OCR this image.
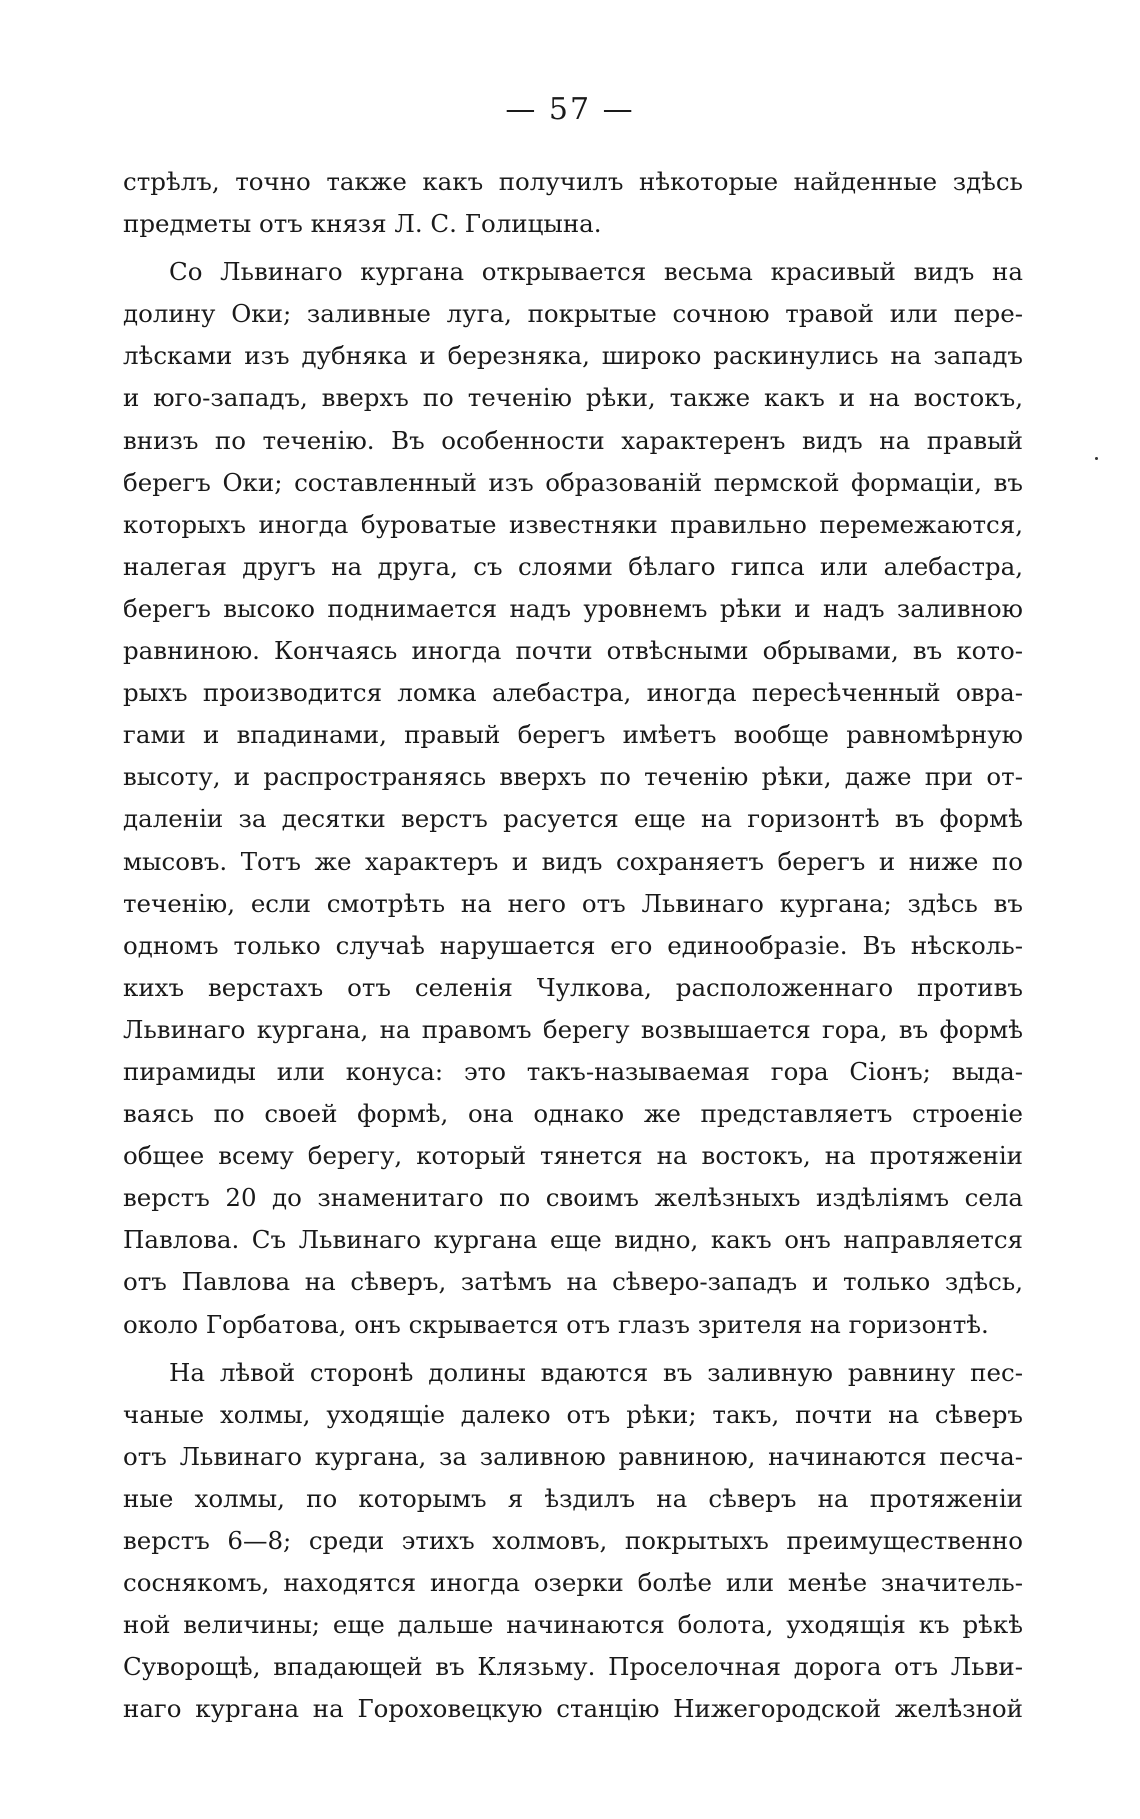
— 57 —
стрѣлъ, точно также какъ получилъ нѣкоторые найденные здѣсь
предметы отъ князя Л. С. Голицына.
Со Львинаго кургана открывается весьма красивый видъ на
долину Оки; заливные луга, покрытые сочною травой или пере-
лѣсками изъ дубняка и березняка, широко раскинулись на западъ
и юго-западъ, вверхъ по теченію рѣки, также какъ и на востокъ,
внизъ по теченію. Въ особенности характеренъ видъ на правый
берегъ Оки; составленный изъ образованій пермской формаціи, въ
которыхъ иногда буроватые известняки правильно перемежаются,
налегая другъ на друга, съ слоями бѣлаго гипса или алебастра,
берегъ высоко поднимается надъ уровнемъ рѣки и надъ заливною
равниною. Кончаясь иногда почти отвѣсными обрывами, въ кото-
рыхъ производится ломка алебастра, иногда пересѣченный овра-
гами и впадинами, правый берегъ имѣетъ вообще равномѣрную
высоту, и распространяясь вверхъ по теченію рѣки, даже при от-
даленіи за десятки верстъ расуется еще на горизонтѣ въ формѣ
мысовъ. Тотъ же характеръ и видъ сохраняетъ берегъ и ниже по
теченію, если смотрѣть на него отъ Львинаго кургана; здѣсь въ
одномъ только случаѣ нарушается его единообразіе. Въ нѣсколь-
кихъ верстахъ отъ селенія Чулкова, расположеннаго противъ
Львинаго кургана, на правомъ берегу возвышается гора, въ формѣ
пирамиды или конуса: это такъ-называемая гора Сіонъ; выда-
ваясь по своей формѣ, она однако же представляетъ строеніе
общее всему берегу, который тянется на востокъ, на протяженіи
верстъ 20 до знаменитаго по своимъ желѣзныхъ издѣліямъ села
Павлова. Съ Львинаго кургана еще видно, какъ онъ направляется
отъ Павлова на сѣверъ, затѣмъ на сѣверо-западъ и только здѣсь,
около Горбатова, онъ скрывается отъ глазъ зрителя на горизонтѣ.
На лѣвой сторонѣ долины вдаются въ заливную равнину пес-
чаные холмы, уходящіе далеко отъ рѣки; такъ, почти на сѣверъ
отъ Львинаго кургана, за заливною равниною, начинаются песча-
ные холмы, по которымъ я ѣздилъ на сѣверъ на протяженіи
верстъ 6—8; среди этихъ холмовъ, покрытыхъ преимущественно
соснякомъ, находятся иногда озерки болѣе или менѣе значитель-
ной величины; еще дальше начинаются болота, уходящія къ рѣкѣ
Суворощѣ, впадающей въ Клязьму. Проселочная дорога отъ Льви-
наго кургана на Гороховецкую станцію Нижегородской желѣзной
